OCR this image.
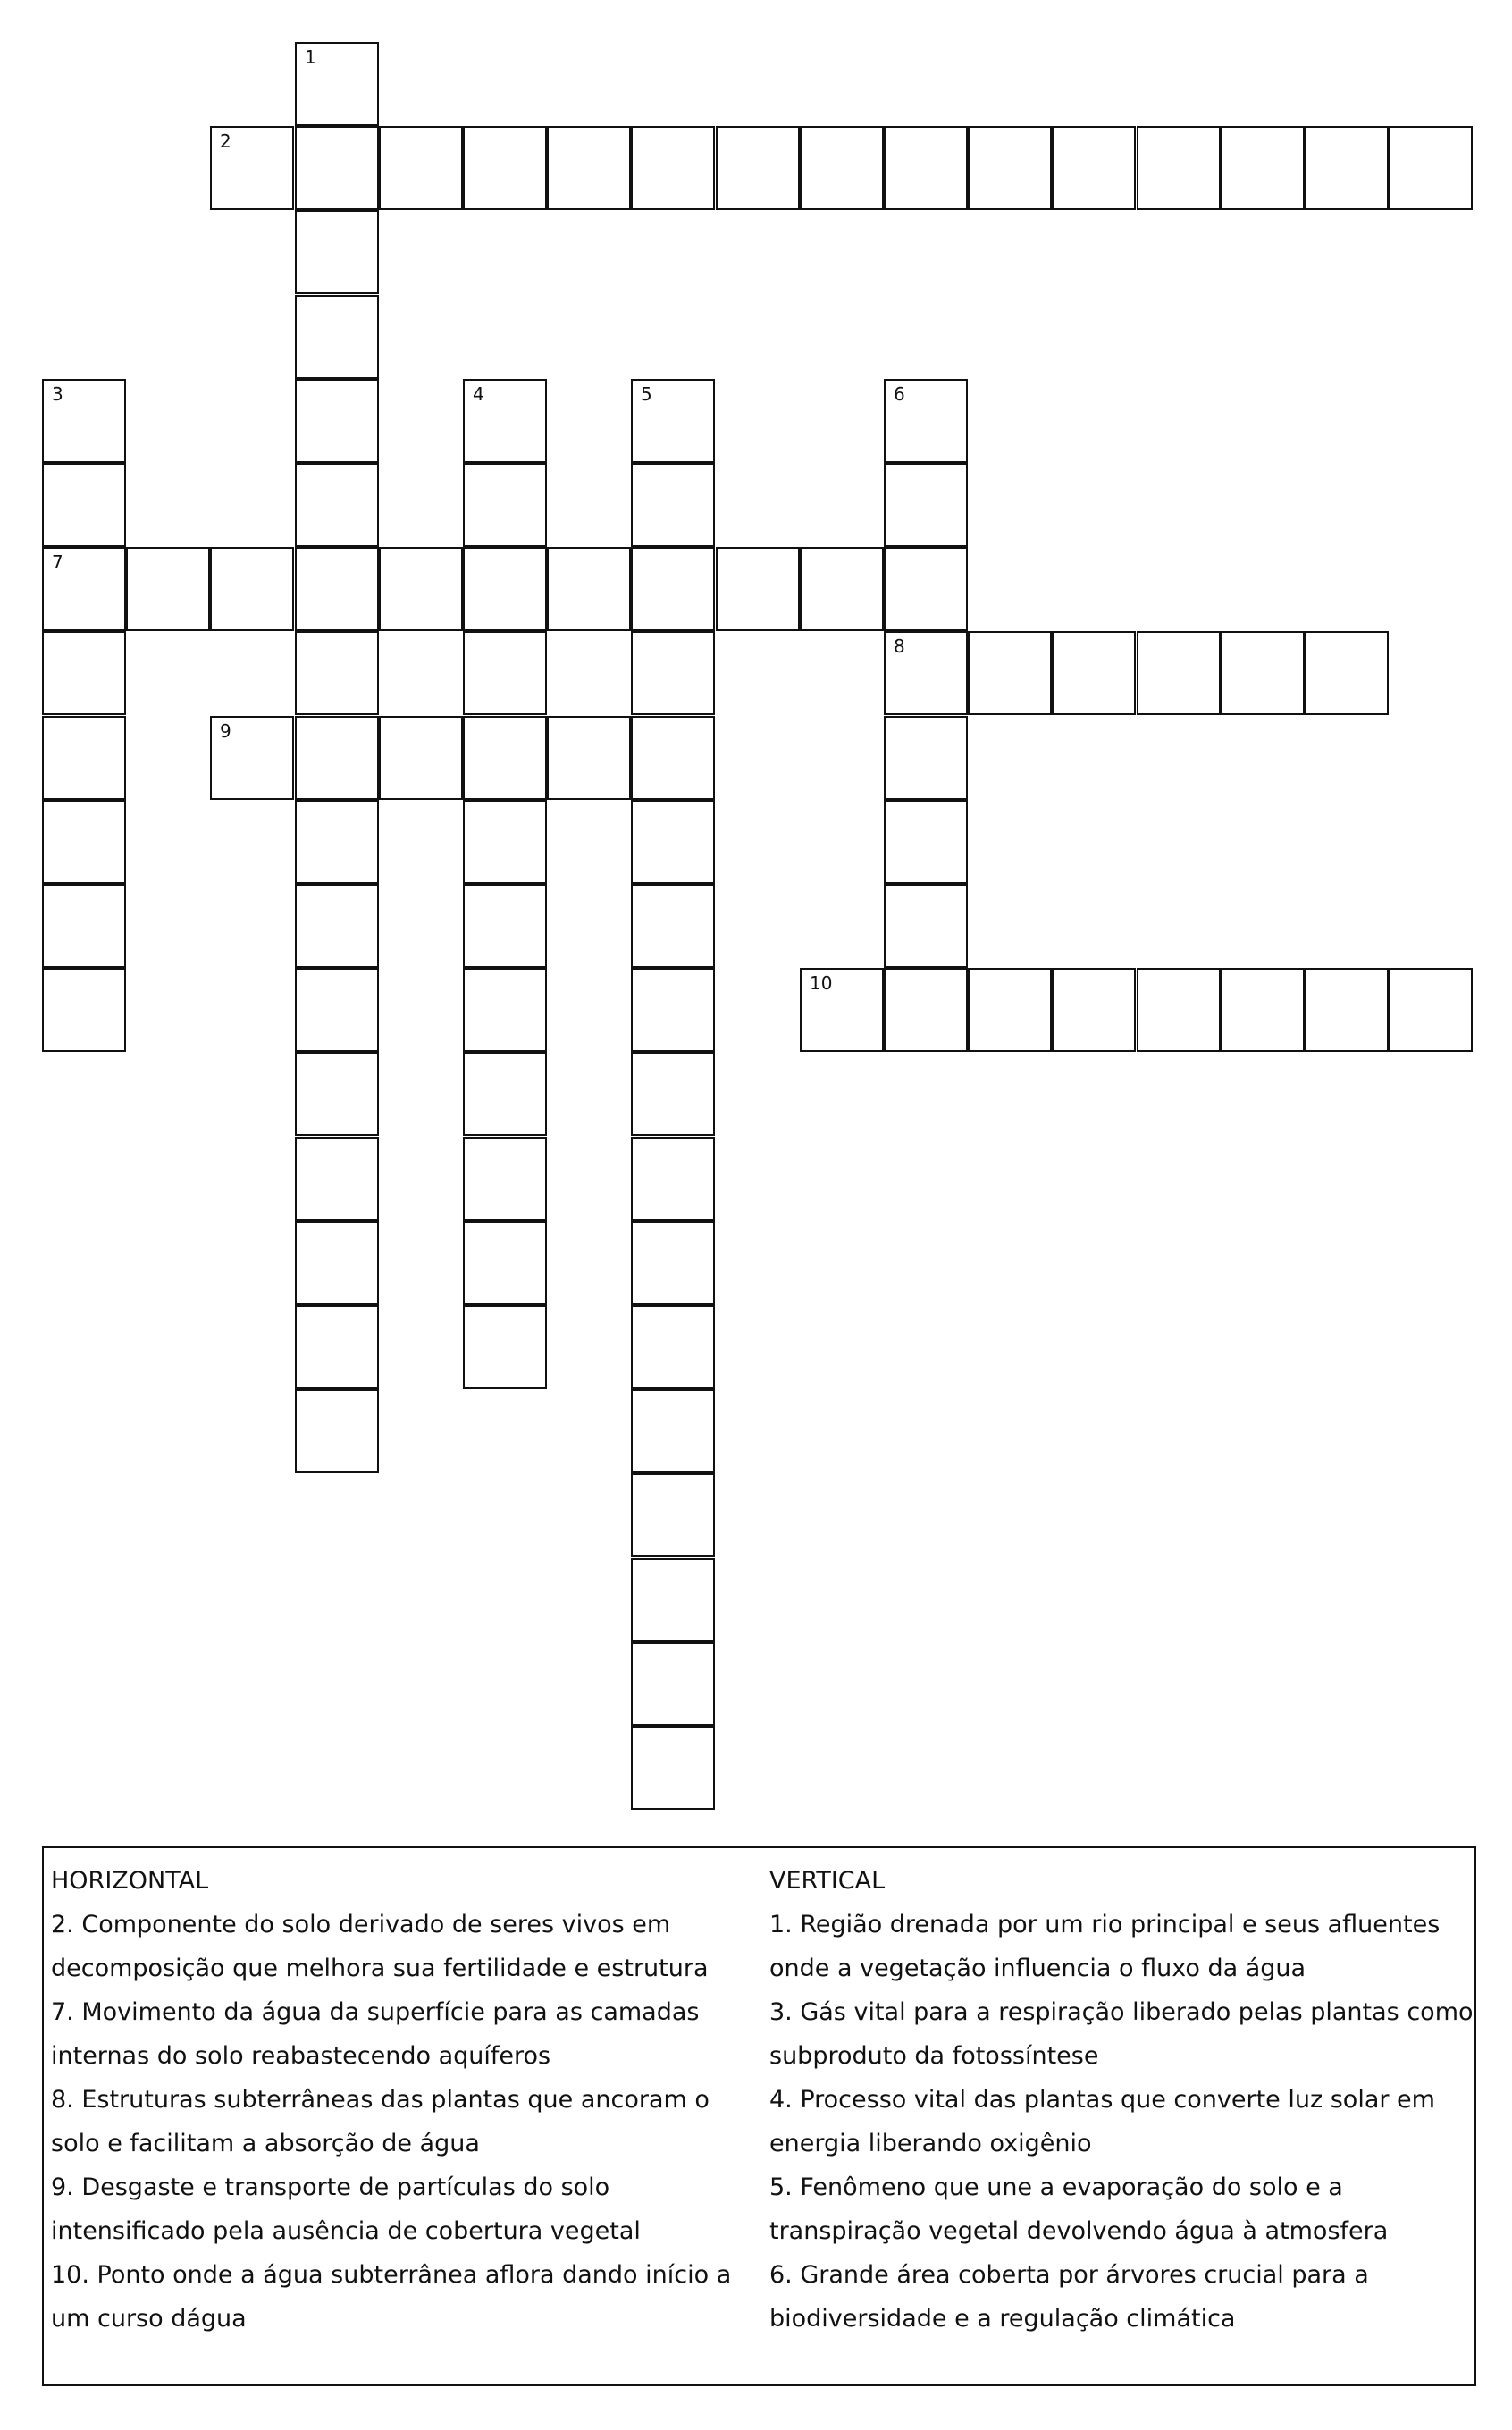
1
2
3
7
4	5	6
8
9
10
HORIZONTAL
2. Componente do solo derivado de seres vivos em
decomposição que melhora sua fertilidade e estrutura
7. Movimento da água da superfície para as camadas
internas do solo reabastecendo aquíferos
8. Estruturas subterrâneas das plantas que ancoram o
solo e facilitam a absorção de água
9. Desgaste e transporte de partículas do solo
intensificado pela ausência de cobertura vegetal
10. Ponto onde a água subterrânea aflora dando início a
um curso dágua
VERTICAL
1. Região drenada por um rio principal e seus afluentes
onde a vegetação influencia o fluxo da água
3. Gás vital para a respiração liberado pelas plantas como
subproduto da fotossíntese
4. Processo vital das plantas que converte luz solar em
energia liberando oxigênio
5. Fenômeno que une a evaporação do solo e a
transpiração vegetal devolvendo água à atmosfera
6. Grande área coberta por árvores crucial para a
biodiversidade e a regulação climática
